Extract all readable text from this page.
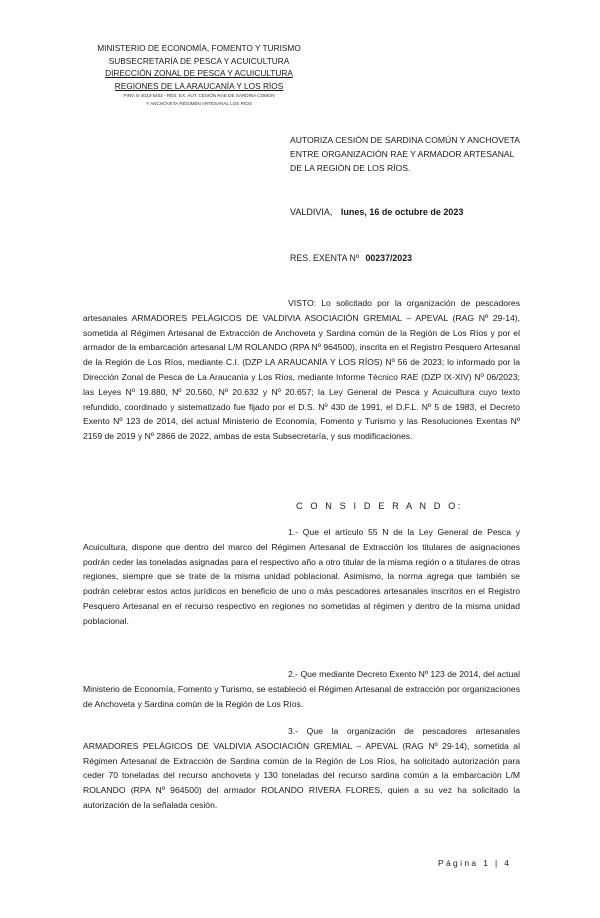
MINISTERIO DE ECONOMÍA, FOMENTO Y TURISMO
SUBSECRETARÍA DE PESCA Y ACUICULTURA
DIRECCIÓN ZONAL DE PESCA Y ACUICULTURA
REGIONES DE LA ARAUCANÍA Y LOS RÍOS
PINV. E-2023-5402 - RES. EX. AUT. CESIÓN RAE DE SARDINA COMÚN
Y ANCHOVETA RÉGIMEN ARTESANAL LOS RÍOS
AUTORIZA CESIÓN DE SARDINA COMÚN Y ANCHOVETA
ENTRE ORGANIZACIÓN RAE Y ARMADOR ARTESANAL
DE LA REGIÓN DE LOS RÍOS.
VALDIVIA, lunes, 16 de octubre de 2023
RES. EXENTA Nº 00237/2023

VISTO: Lo solicitado por la organización de pescadores artesanales ARMADORES PELÁGICOS DE VALDIVIA ASOCIACIÓN GREMIAL – APEVAL (RAG Nº 29-14), sometida al Régimen Artesanal de Extracción de Anchoveta y Sardina común de la Región de Los Ríos y por el armador de la embarcación artesanal L/M ROLANDO (RPA Nº 964500), inscrita en el Registro Pesquero Artesanal de la Región de Los Ríos, mediante C.I. (DZP LA ARAUCANÍA Y LOS RÍOS) Nº 56 de 2023; lo informado por la Dirección Zonal de Pesca de La Araucanía y Los Ríos, mediante Informe Técnico RAE (DZP IX-XIV) Nº 06/2023; las Leyes Nº 19.880, Nº 20.560, Nº 20.632 y Nº 20.657; la Ley General de Pesca y Acuicultura cuyo texto refundido, coordinado y sistematizado fue fijado por el D.S. Nº 430 de 1991, el D.F.L. Nº 5 de 1983, el Decreto Exento Nº 123 de 2014, del actual Ministerio de Economía, Fomento y Turismo y las Resoluciones Exentas Nº 2159 de 2019 y Nº 2866 de 2022, ambas de esta Subsecretaría, y sus modificaciones.

C O N S I D E R A N D O:

1.- Que el artículo 55 N de la Ley General de Pesca y Acuicultura, dispone que dentro del marco del Régimen Artesanal de Extracción los titulares de asignaciones podrán ceder las toneladas asignadas para el respectivo año a otro titular de la misma región o a titulares de otras regiones, siempre que se trate de la misma unidad poblacional. Asimismo, la norma agrega que también se podrán celebrar estos actos jurídicos en beneficio de uno o más pescadores artesanales inscritos en el Registro Pesquero Artesanal en el recurso respectivo en regiones no sometidas al régimen y dentro de la misma unidad poblacional.

2.- Que mediante Decreto Exento Nº 123 de 2014, del actual Ministerio de Economía, Fomento y Turismo, se estableció el Régimen Artesanal de extracción por organizaciones de Anchoveta y Sardina común de la Región de Los Ríos.

3.- Que la organización de pescadores artesanales ARMADORES PELÁGICOS DE VALDIVIA ASOCIACIÓN GREMIAL – APEVAL (RAG Nº 29-14), sometida al Régimen Artesanal de Extracción de Sardina común de la Región de Los Ríos, ha solicitado autorización para ceder 70 toneladas del recurso anchoveta y 130 toneladas del recurso sardina común a la embarcación L/M ROLANDO (RPA Nº 964500) del armador ROLANDO RIVERA FLORES, quien a su vez ha solicitado la autorización de la señalada cesión.

Página 1 | 4
